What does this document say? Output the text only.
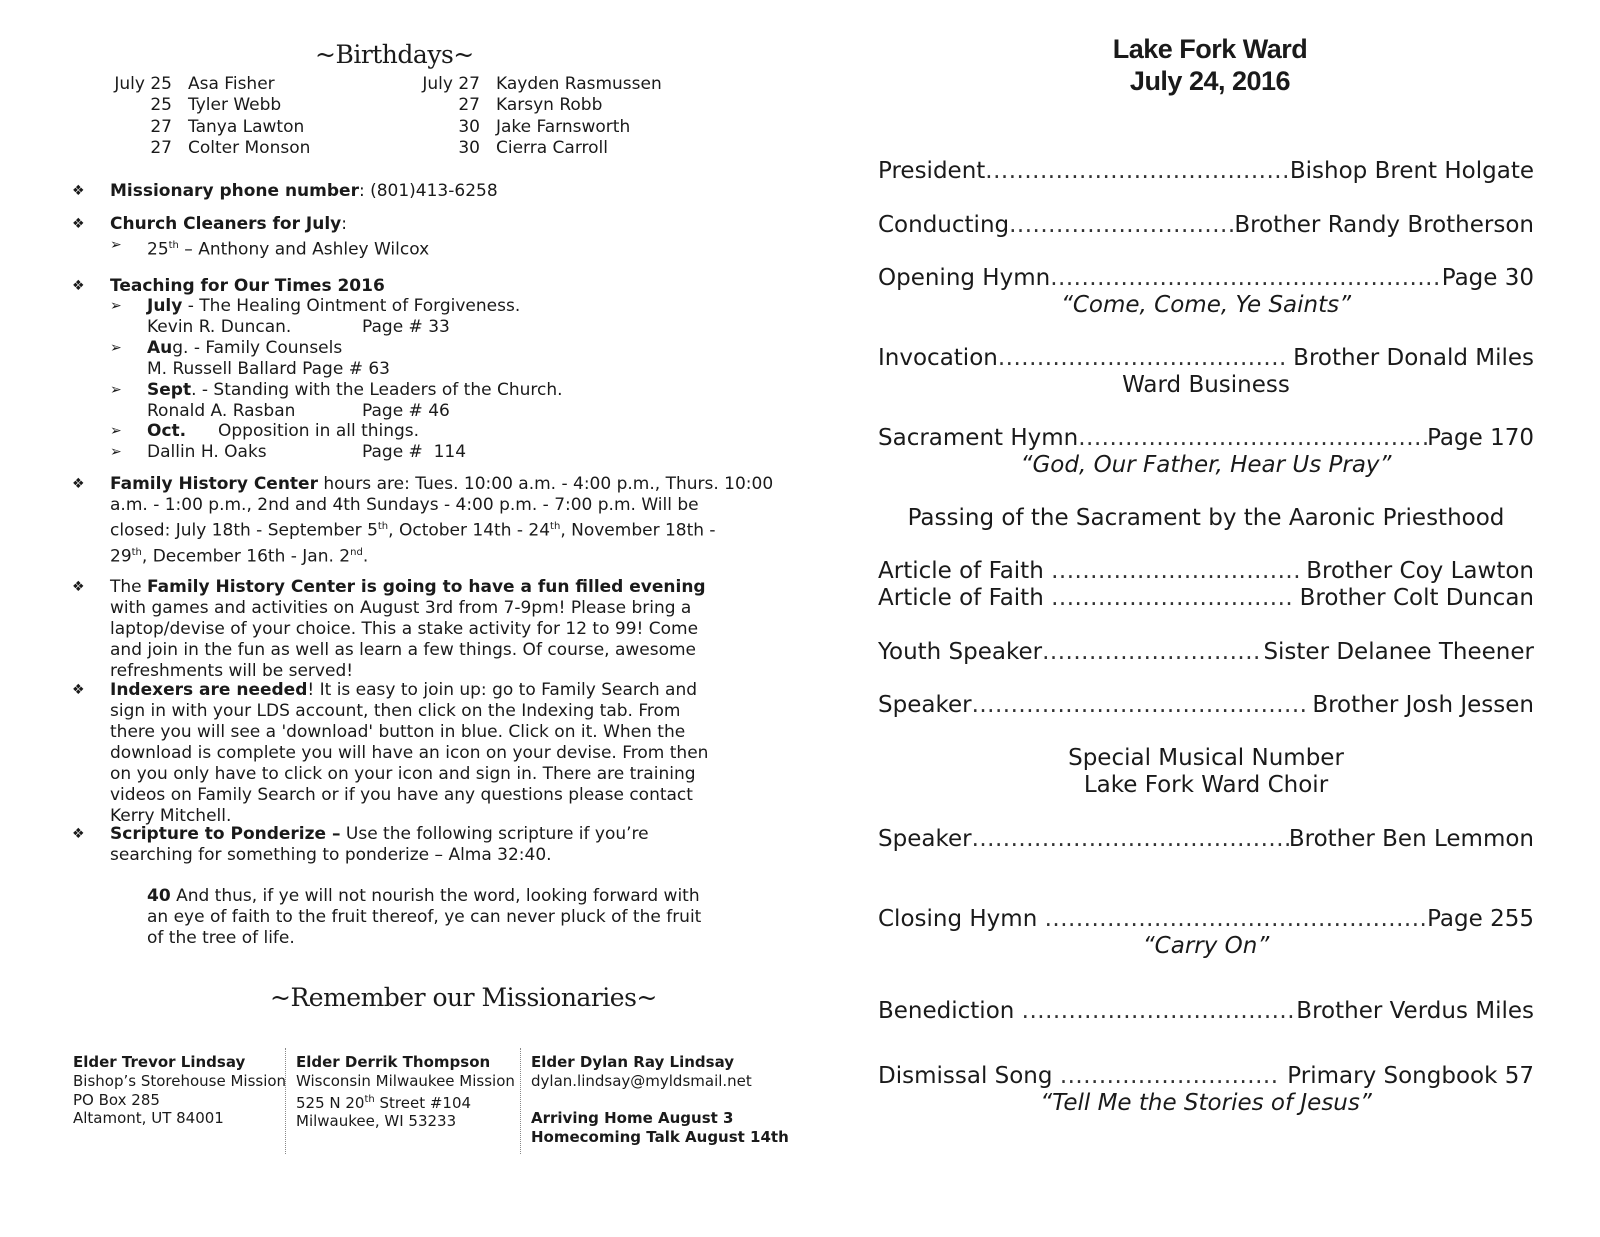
~Birthdays~
July 25 Asa Fisher
25 Tyler Webb
27 Tanya Lawton
27 Colter Monson
July 27 Kayden Rasmussen
27 Karsyn Robb
30 Jake Farnsworth
30 Cierra Carroll
❖ Missionary phone number: (801)413-6258
❖ Church Cleaners for July:
➢ 25th – Anthony and Ashley Wilcox
❖ Teaching for Our Times 2016
➢ July - The Healing Ointment of Forgiveness.
Kevin R. Duncan.	Page # 33
➢ Aug. - Family Counsels
M. Russell Ballard Page # 63
➢ Sept. - Standing with the Leaders of the Church.
Ronald A. Rasban	Page # 46
➢ Oct. Opposition in all things.
➢ Dallin H. Oaks	Page #  114
❖ Family History Center hours are: Tues. 10:00 a.m. - 4:00 p.m., Thurs. 10:00
a.m. - 1:00 p.m., 2nd and 4th Sundays - 4:00 p.m. - 7:00 p.m. Will be
closed: July 18th - September 5th, October 14th - 24th, November 18th -
29th, December 16th - Jan. 2nd.
❖ The Family History Center is going to have a fun filled evening with games and activities on August 3rd from 7-9pm! Please bring a laptop/devise of your choice. This a stake activity for 12 to 99! Come and join in the fun as well as learn a few things. Of course, awesome refreshments will be served!
❖ Indexers are needed! It is easy to join up: go to Family Search and sign in with your LDS account, then click on the Indexing tab. From there you will see a 'download' button in blue. Click on it. When the download is complete you will have an icon on your devise. From then on you only have to click on your icon and sign in. There are training videos on Family Search or if you have any questions please contact Kerry Mitchell.
❖ Scripture to Ponderize – Use the following scripture if you’re searching for something to ponderize – Alma 32:40.
40 And thus, if ye will not nourish the word, looking forward with an eye of faith to the fruit thereof, ye can never pluck of the fruit of the tree of life.
~Remember our Missionaries~
Elder Trevor Lindsay
Bishop’s Storehouse Mission
PO Box 285
Altamont, UT 84001
Elder Derrik Thompson
Wisconsin Milwaukee Mission
525 N 20th Street #104
Milwaukee, WI 53233
Elder Dylan Ray Lindsay
dylan.lindsay@myldsmail.net
Arriving Home August 3
Homecoming Talk August 14th
Lake Fork Ward
July 24, 2016
President .....	Bishop Brent Holgate
Conducting .....	Brother Randy Brotherson
Opening Hymn .....	Page 30
“Come, Come, Ye Saints”
Invocation .....	Brother Donald Miles
Ward Business
Sacrament Hymn .....	Page 170
“God, Our Father, Hear Us Pray”
Passing of the Sacrament by the Aaronic Priesthood
Article of Faith .....	Brother Coy Lawton
Article of Faith .....	Brother Colt Duncan
Youth Speaker .....	Sister Delanee Theener
Speaker .....	Brother Josh Jessen
Special Musical Number
Lake Fork Ward Choir
Speaker .....	Brother Ben Lemmon
Closing Hymn .....	Page 255
“Carry On”
Benediction .....	Brother Verdus Miles
Dismissal Song .....	Primary Songbook 57
“Tell Me the Stories of Jesus”
